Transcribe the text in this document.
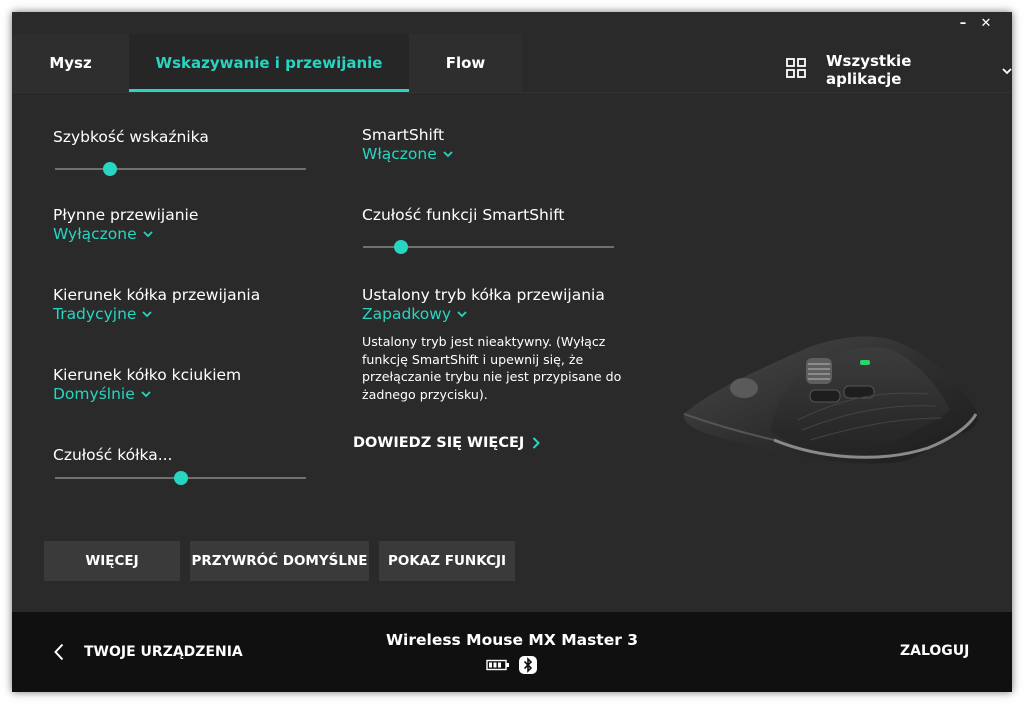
–	✕
Mysz	Wskazywanie i przewijanie	Flow	Wszystkie aplikacje
Szybkość wskaźnika
Płynne przewijanie
Wyłączone
Kierunek kółka przewijania
Tradycyjne
Kierunek kółko kciukiem
Domyślnie
Czułość kółka...
SmartShift
Włączone
Czułość funkcji SmartShift
Ustalony tryb kółka przewijania
Zapadkowy
Ustalony tryb jest nieaktywny. (Wyłącz funkcję SmartShift i upewnij się, że przełączanie trybu nie jest przypisane do żadnego przycisku).
DOWIEDZ SIĘ WIĘCEJ
WIĘCEJ	PRZYWRÓĆ DOMYŚLNE	POKAZ FUNKCJI
TWOJE URZĄDZENIA
Wireless Mouse MX Master 3
ZALOGUJ
